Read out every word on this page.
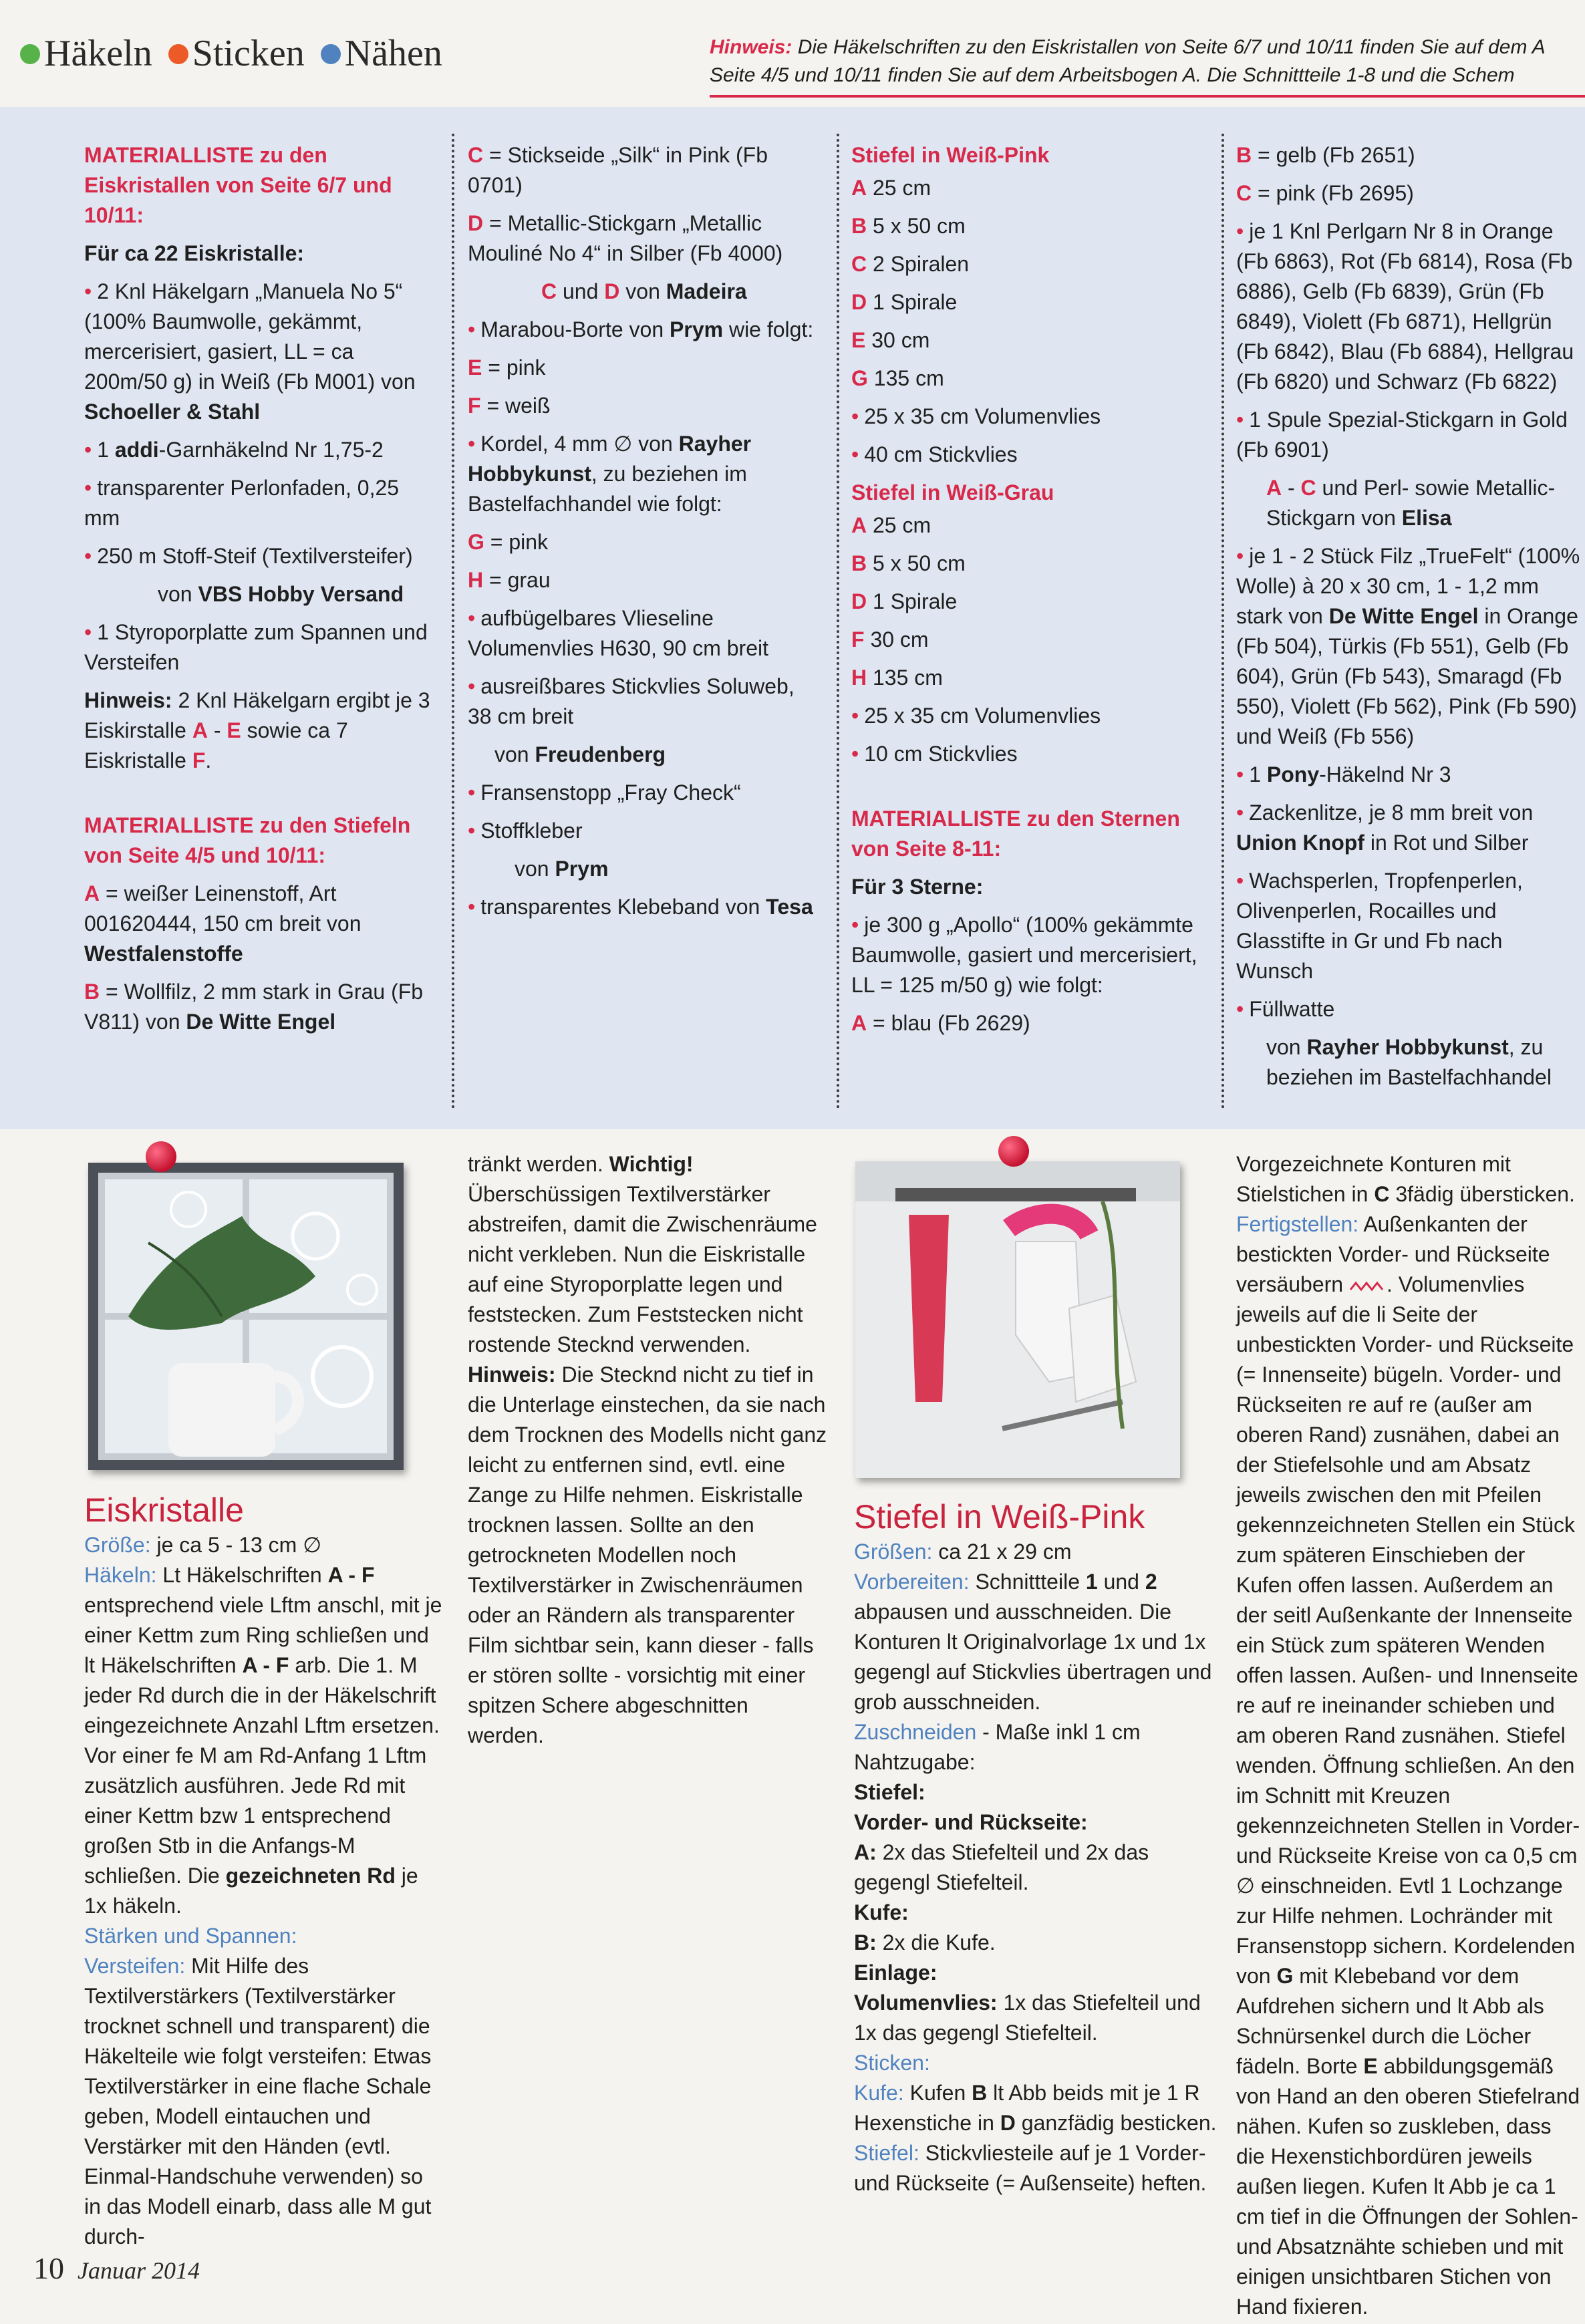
Häkeln Sticken Nähen	Hinweis: Die Häkelschriften zu den Eiskristallen von Seite 6/7 und 10/11 finden Sie auf dem A
Seite 4/5 und 10/11 finden Sie auf dem Arbeitsbogen A. Die Schnittteile 1-8 und die Schem

MATERIALLISTE zu den Eiskristallen von Seite 6/7 und 10/11:

Für ca 22 Eiskristalle:

• 2 Knl Häkelgarn „Manuela No 5“ (100% Baumwolle, gekämmt, mercerisiert, gasiert, LL = ca 200m/50 g) in Weiß (Fb M001) von Schoeller & Stahl

• 1 addi-Garnhäkelnd Nr 1,75-2

• transparenter Perlonfaden, 0,25 mm

• 250 m Stoff-Steif (Textilversteifer)

von VBS Hobby Versand

• 1 Styroporplatte zum Spannen und Versteifen

Hinweis: 2 Knl Häkelgarn ergibt je 3 Eiskirstalle A - E sowie ca 7 Eiskristalle F.

MATERIALLISTE zu den Stiefeln von Seite 4/5 und 10/11:

A = weißer Leinenstoff, Art 001620444, 150 cm breit von Westfalenstoffe

B = Wollfilz, 2 mm stark in Grau (Fb V811) von De Witte Engel

C = Stickseide „Silk“ in Pink (Fb 0701)

D = Metallic-Stickgarn „Metallic Mouliné No 4“ in Silber (Fb 4000)

C und D von Madeira

• Marabou-Borte von Prym wie folgt:

E = pink

F = weiß

• Kordel, 4 mm ∅ von Rayher Hobbykunst, zu beziehen im Bastelfachhandel wie folgt:

G = pink

H = grau

• aufbügelbares Vlieseline Volumenvlies H630, 90 cm breit

• ausreißbares Stickvlies Soluweb, 38 cm breit

von Freudenberg

• Fransenstopp „Fray Check“

• Stoffkleber

von Prym

• transparentes Klebeband von Tesa

Stiefel in Weiß-Pink

A 25 cm

B 5 x 50 cm

C 2 Spiralen

D 1 Spirale

E 30 cm

G 135 cm

• 25 x 35 cm Volumenvlies

• 40 cm Stickvlies

Stiefel in Weiß-Grau

A 25 cm

B 5 x 50 cm

D 1 Spirale

F 30 cm

H 135 cm

• 25 x 35 cm Volumenvlies

• 10 cm Stickvlies

MATERIALLISTE zu den Sternen von Seite 8-11:

Für 3 Sterne:

• je 300 g „Apollo“ (100% gekämmte Baumwolle, gasiert und mercerisiert, LL = 125 m/50 g) wie folgt:

A = blau (Fb 2629)

B = gelb (Fb 2651)

C = pink (Fb 2695)

• je 1 Knl Perlgarn Nr 8 in Orange (Fb 6863), Rot (Fb 6814), Rosa (Fb 6886), Gelb (Fb 6839), Grün (Fb 6849), Violett (Fb 6871), Hellgrün (Fb 6842), Blau (Fb 6884), Hellgrau (Fb 6820) und Schwarz (Fb 6822)

• 1 Spule Spezial-Stickgarn in Gold (Fb 6901)

A - C und Perl- sowie Metallic-Stickgarn von Elisa

• je 1 - 2 Stück Filz „TrueFelt“ (100% Wolle) à 20 x 30 cm, 1 - 1,2 mm stark von De Witte Engel in Orange (Fb 504), Türkis (Fb 551), Gelb (Fb 604), Grün (Fb 543), Smaragd (Fb 550), Violett (Fb 562), Pink (Fb 590) und Weiß (Fb 556)

• 1 Pony-Häkelnd Nr 3

• Zackenlitze, je 8 mm breit von Union Knopf in Rot und Silber

• Wachsperlen, Tropfenperlen, Olivenperlen, Rocailles und Glasstifte in Gr und Fb nach Wunsch

• Füllwatte

von Rayher Hobbykunst, zu beziehen im Bastelfachhandel

Eiskristalle

Größe: je ca 5 - 13 cm ∅

Häkeln: Lt Häkelschriften A - F entsprechend viele Lftm anschl, mit je einer Kettm zum Ring schließen und lt Häkelschriften A - F arb. Die 1. M jeder Rd durch die in der Häkelschrift eingezeichnete Anzahl Lftm ersetzen. Vor einer fe M am Rd-Anfang 1 Lftm zusätzlich ausführen. Jede Rd mit einer Kettm bzw 1 entsprechend großen Stb in die Anfangs-M schließen. Die gezeichneten Rd je 1x häkeln.

Stärken und Spannen:

Versteifen: Mit Hilfe des Textilverstärkers (Textilverstärker trocknet schnell und transparent) die Häkelteile wie folgt versteifen: Etwas Textilverstärker in eine flache Schale geben, Modell eintauchen und Verstärker mit den Händen (evtl. Einmal-Handschuhe verwenden) so in das Modell einarb, dass alle M gut durch-

tränkt werden. Wichtig! Überschüssigen Textilverstärker abstreifen, damit die Zwischenräume nicht verkleben. Nun die Eiskristalle auf eine Styroporplatte legen und feststecken. Zum Feststecken nicht rostende Stecknd verwenden. Hinweis: Die Stecknd nicht zu tief in die Unterlage einstechen, da sie nach dem Trocknen des Modells nicht ganz leicht zu entfernen sind, evtl. eine Zange zu Hilfe nehmen. Eiskristalle trocknen lassen. Sollte an den getrockneten Modellen noch Textilverstärker in Zwischenräumen oder an Rändern als transparenter Film sichtbar sein, kann dieser - falls er stören sollte - vorsichtig mit einer spitzen Schere abgeschnitten werden.

Stiefel in Weiß-Pink

Größen: ca 21 x 29 cm

Vorbereiten: Schnittteile 1 und 2 abpausen und ausschneiden. Die Konturen lt Originalvorlage 1x und 1x gegengl auf Stickvlies übertragen und grob ausschneiden.

Zuschneiden - Maße inkl 1 cm Nahtzugabe:

Stiefel:

Vorder- und Rückseite:

A: 2x das Stiefelteil und 2x das gegengl Stiefelteil.

Kufe:

B: 2x die Kufe.

Einlage:

Volumenvlies: 1x das Stiefelteil und 1x das gegengl Stiefelteil.

Sticken:

Kufe: Kufen B lt Abb beids mit je 1 R Hexenstiche in D ganzfädig besticken.

Stiefel: Stickvliesteile auf je 1 Vorder- und Rückseite (= Außenseite) heften.

Vorgezeichnete Konturen mit Stielstichen in C 3fädig übersticken.

Fertigstellen: Außenkanten der bestickten Vorder- und Rückseite versäubern . Volumenvlies jeweils auf die li Seite der unbestickten Vorder- und Rückseite (= Innenseite) bügeln. Vorder- und Rückseiten re auf re (außer am oberen Rand) zusnähen, dabei an der Stiefelsohle und am Absatz jeweils zwischen den mit Pfeilen gekennzeichneten Stellen ein Stück zum späteren Einschieben der Kufen offen lassen. Außerdem an der seitl Außenkante der Innenseite ein Stück zum späteren Wenden offen lassen. Außen- und Innenseite re auf re ineinander schieben und am oberen Rand zusnähen. Stiefel wenden. Öffnung schließen. An den im Schnitt mit Kreuzen gekennzeichneten Stellen in Vorder- und Rückseite Kreise von ca 0,5 cm ∅ einschneiden. Evtl 1 Lochzange zur Hilfe nehmen. Lochränder mit Fransenstopp sichern. Kordelenden von G mit Klebeband vor dem Aufdrehen sichern und lt Abb als Schnürsenkel durch die Löcher fädeln. Borte E abbildungsgemäß von Hand an den oberen Stiefelrand nähen. Kufen so zuskleben, dass die Hexenstichbordüren jeweils außen liegen. Kufen lt Abb je ca 1 cm tief in die Öffnungen der Sohlen- und Absatznähte schieben und mit einigen unsichtbaren Stichen von Hand fixieren.

10 Januar 2014
